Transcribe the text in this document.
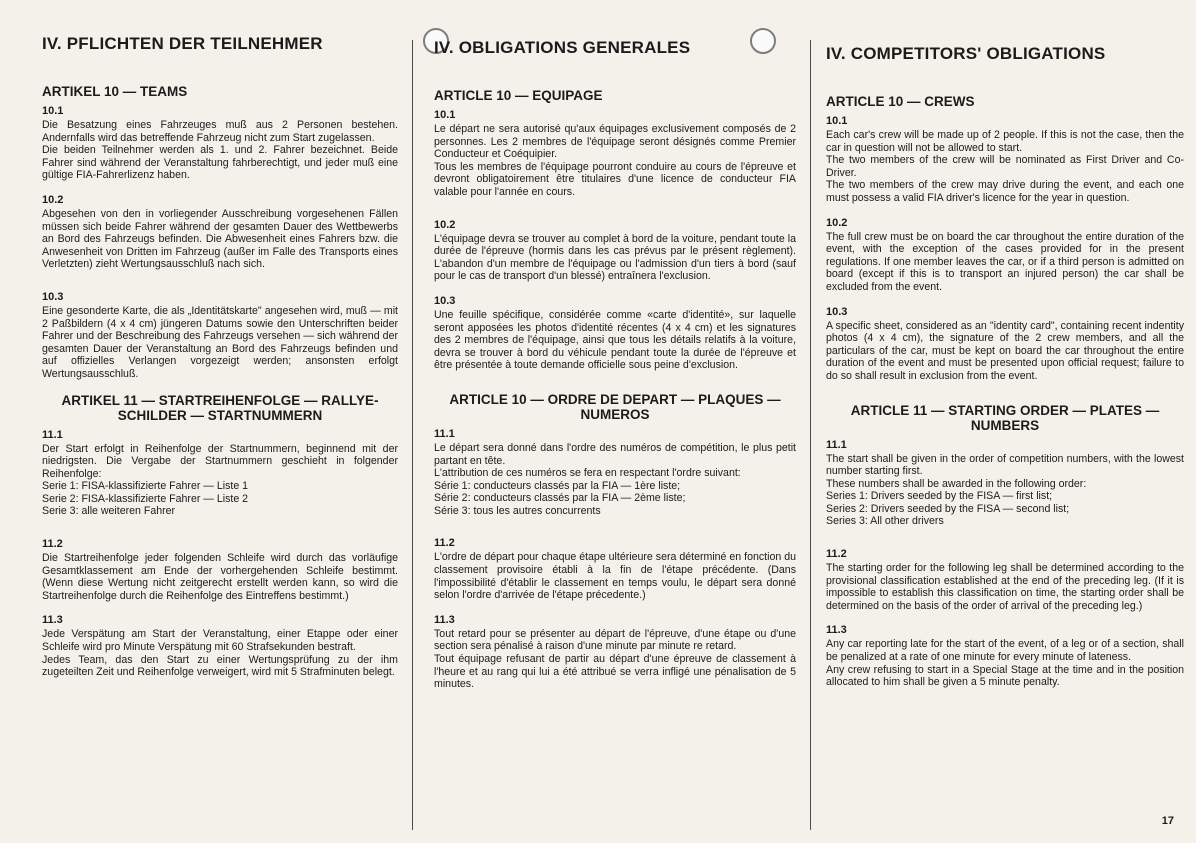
IV. PFLICHTEN DER TEILNEHMER
ARTIKEL 10 — TEAMS
10.1

Die Besatzung eines Fahrzeuges muß aus 2 Personen bestehen. Andernfalls wird das betreffende Fahrzeug nicht zum Start zugelassen.
Die beiden Teilnehmer werden als 1. und 2. Fahrer bezeichnet. Beide Fahrer sind während der Veranstaltung fahrberechtigt, und jeder muß eine gültige FIA-Fahrerlizenz haben.

10.2

Abgesehen von den in vorliegender Ausschreibung vorgesehenen Fällen müssen sich beide Fahrer während der gesamten Dauer des Wettbewerbs an Bord des Fahrzeugs befinden. Die Abwesenheit eines Fahrers bzw. die Anwesenheit von Dritten im Fahrzeug (außer im Falle des Transports eines Verletzten) zieht Wertungsausschluß nach sich.

10.3

Eine gesonderte Karte, die als „Identitätskarte" angesehen wird, muß — mit 2 Paßbildern (4 x 4 cm) jüngeren Datums sowie den Unterschriften beider Fahrer und der Beschreibung des Fahrzeugs versehen — sich während der gesamten Dauer der Veranstaltung an Bord des Fahrzeugs befinden und auf offizielles Verlangen vorgezeigt werden; ansonsten erfolgt Wertungsausschluß.

ARTIKEL 11 — STARTREIHENFOLGE — RALLYE-SCHILDER — STARTNUMMERN
11.1

Der Start erfolgt in Reihenfolge der Startnummern, beginnend mit der niedrigsten. Die Vergabe der Startnummern geschieht in folgender Reihenfolge:
Serie 1: FISA-klassifizierte Fahrer — Liste 1
Serie 2: FISA-klassifizierte Fahrer — Liste 2
Serie 3: alle weiteren Fahrer

11.2

Die Startreihenfolge jeder folgenden Schleife wird durch das vorläufige Gesamtklassement am Ende der vorhergehenden Schleife bestimmt. (Wenn diese Wertung nicht zeitgerecht erstellt werden kann, so wird die Startreihenfolge durch die Reihenfolge des Eintreffens bestimmt.)

11.3

Jede Verspätung am Start der Veranstaltung, einer Etappe oder einer Schleife wird pro Minute Verspätung mit 60 Strafsekunden bestraft.
Jedes Team, das den Start zu einer Wertungsprüfung zu der ihm zugeteilten Zeit und Reihenfolge verweigert, wird mit 5 Strafminuten belegt.

IV. OBLIGATIONS GENERALES
ARTICLE 10 — EQUIPAGE
10.1

Le départ ne sera autorisé qu'aux équipages exclusivement composés de 2 personnes. Les 2 membres de l'équipage seront désignés comme Premier Conducteur et Coéquipier.
Tous les membres de l'équipage pourront conduire au cours de l'épreuve et devront obligatoirement être titulaires d'une licence de conducteur FIA valable pour l'année en cours.

10.2

L'équipage devra se trouver au complet à bord de la voiture, pendant toute la durée de l'épreuve (hormis dans les cas prévus par le présent règlement). L'abandon d'un membre de l'équipage ou l'admission d'un tiers à bord (sauf pour le cas de transport d'un blessé) entraînera l'exclusion.

10.3

Une feuille spécifique, considérée comme «carte d'identité», sur laquelle seront apposées les photos d'identité récentes (4 x 4 cm) et les signatures des 2 membres de l'équipage, ainsi que tous les détails relatifs à la voiture, devra se trouver à bord du véhicule pendant toute la durée de l'épreuve et être présentée à toute demande officielle sous peine d'exclusion.

ARTICLE 10 — ORDRE DE DEPART — PLAQUES — NUMEROS
11.1

Le départ sera donné dans l'ordre des numéros de compétition, le plus petit partant en tête.
L'attribution de ces numéros se fera en respectant l'ordre suivant:
Série 1: conducteurs classés par la FIA — 1ère liste;
Série 2: conducteurs classés par la FIA — 2ème liste;
Série 3: tous les autres concurrents

11.2

L'ordre de départ pour chaque étape ultérieure sera déterminé en fonction du classement provisoire établi à la fin de l'étape précédente. (Dans l'impossibilité d'établir le classement en temps voulu, le départ sera donné selon l'ordre d'arrivée de l'étape précedente.)

11.3

Tout retard pour se présenter au départ de l'épreuve, d'une étape ou d'une section sera pénalisé à raison d'une minute par minute re retard.
Tout équipage refusant de partir au départ d'une épreuve de classement à l'heure et au rang qui lui a été attribué se verra infligé une pénalisation de 5 minutes.

IV. COMPETITORS' OBLIGATIONS
ARTICLE 10 — CREWS
10.1

Each car's crew will be made up of 2 people. If this is not the case, then the car in question will not be allowed to start.
The two members of the crew will be nominated as First Driver and Co-Driver.
The two members of the crew may drive during the event, and each one must possess a valid FIA driver's licence for the year in question.

10.2

The full crew must be on board the car throughout the entire duration of the event, with the exception of the cases provided for in the present regulations. If one member leaves the car, or if a third person is admitted on board (except if this is to transport an injured person) the car shall be excluded from the event.

10.3

A specific sheet, considered as an "identity card", containing recent indentity photos (4 x 4 cm), the signature of the 2 crew members, and all the particulars of the car, must be kept on board the car throughout the entire duration of the event and must be presented upon official request; failure to do so shall result in exclusion from the event.

ARTICLE 11 — STARTING ORDER — PLATES — NUMBERS
11.1

The start shall be given in the order of competition numbers, with the lowest number starting first.
These numbers shall be awarded in the following order:
Series 1: Drivers seeded by the FISA — first list;
Series 2: Drivers seeded by the FISA — second list;
Series 3: All other drivers

11.2

The starting order for the following leg shall be determined according to the provisional classification established at the end of the preceding leg. (If it is impossible to establish this classification on time, the starting order shall be determined on the basis of the order of arrival of the preceding leg.)

11.3

Any car reporting late for the start of the event, of a leg or of a section, shall be penalized at a rate of one minute for every minute of lateness.
Any crew refusing to start in a Special Stage at the time and in the position allocated to him shall be given a 5 minute penalty.

17
